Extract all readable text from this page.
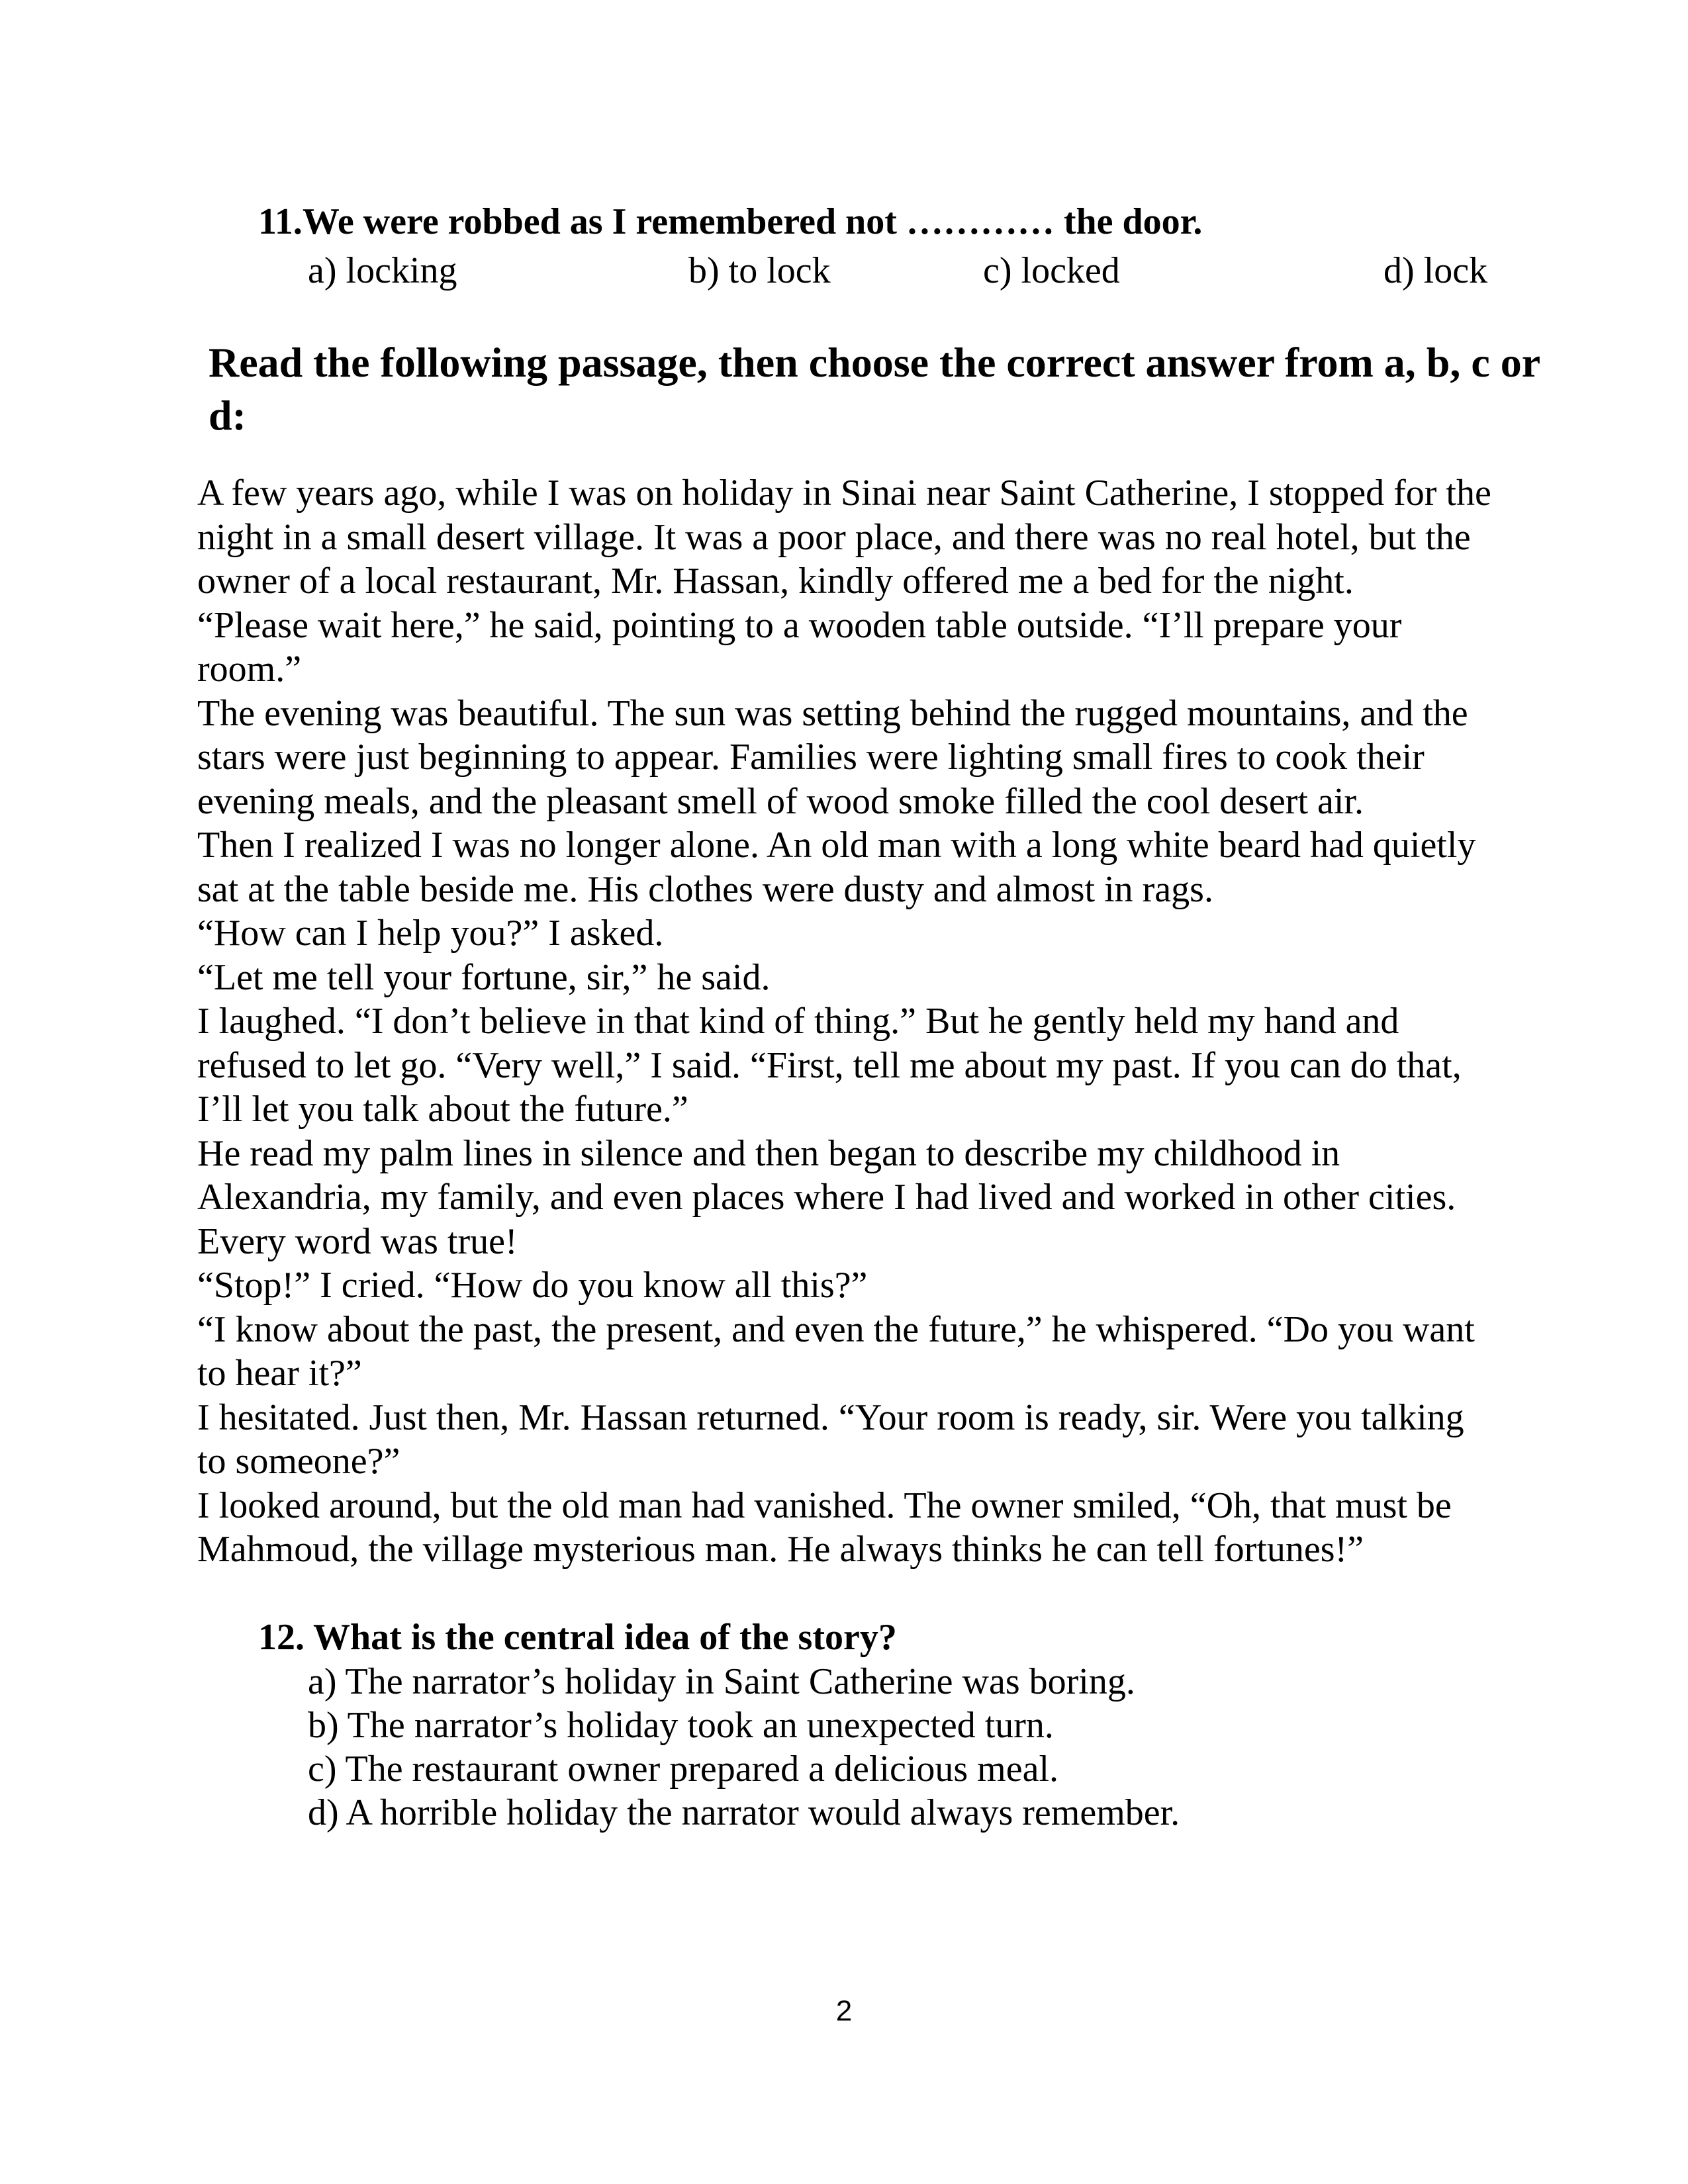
11.We were robbed as I remembered not ………… the door.
a) locking	b) to lock	c) locked	d) lock
Read the following passage, then choose the correct answer from a, b, c or d:

A few years ago, while I was on holiday in Sinai near Saint Catherine, I stopped for the

night in a small desert village. It was a poor place, and there was no real hotel, but the

owner of a local restaurant, Mr. Hassan, kindly offered me a bed for the night.

“Please wait here,” he said, pointing to a wooden table outside. “I’ll prepare your

room.”

The evening was beautiful. The sun was setting behind the rugged mountains, and the

stars were just beginning to appear. Families were lighting small fires to cook their

evening meals, and the pleasant smell of wood smoke filled the cool desert air.

Then I realized I was no longer alone. An old man with a long white beard had quietly

sat at the table beside me. His clothes were dusty and almost in rags.

“How can I help you?” I asked.

“Let me tell your fortune, sir,” he said.

I laughed. “I don’t believe in that kind of thing.” But he gently held my hand and

refused to let go. “Very well,” I said. “First, tell me about my past. If you can do that,

I’ll let you talk about the future.”

He read my palm lines in silence and then began to describe my childhood in

Alexandria, my family, and even places where I had lived and worked in other cities.

Every word was true!

“Stop!” I cried. “How do you know all this?”

“I know about the past, the present, and even the future,” he whispered. “Do you want

to hear it?”

I hesitated. Just then, Mr. Hassan returned. “Your room is ready, sir. Were you talking

to someone?”

I looked around, but the old man had vanished. The owner smiled, “Oh, that must be

Mahmoud, the village mysterious man. He always thinks he can tell fortunes!”

12. What is the central idea of the story?
a) The narrator’s holiday in Saint Catherine was boring.
b) The narrator’s holiday took an unexpected turn.
c) The restaurant owner prepared a delicious meal.
d) A horrible holiday the narrator would always remember.
2
